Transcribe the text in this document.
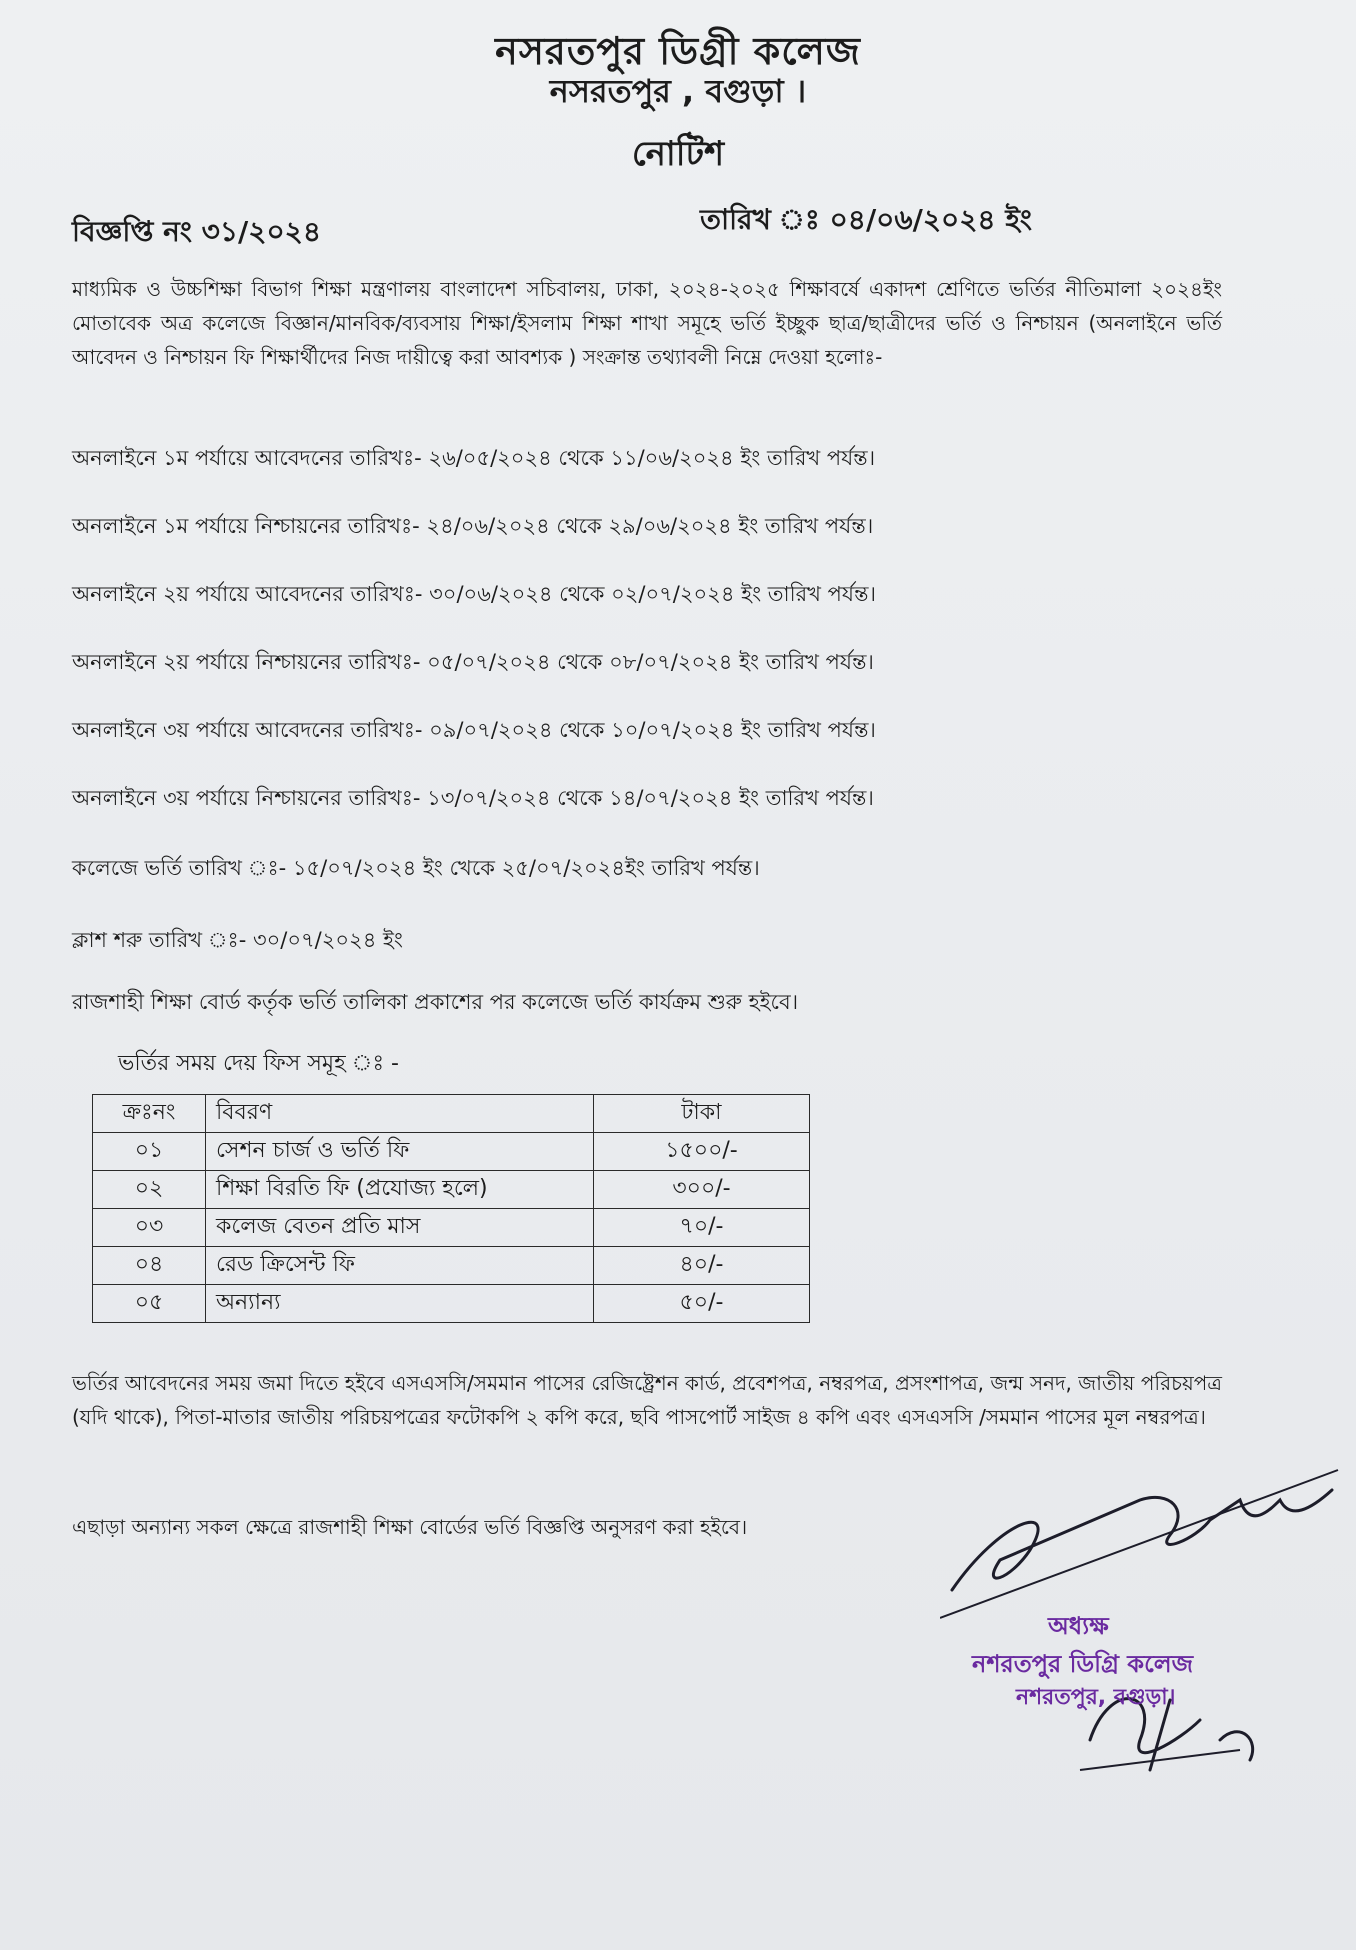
নসরতপুর ডিগ্রী কলেজ
নসরতপুর , বগুড়া ।
নোটিশ
বিজ্ঞপ্তি নং ৩১/২০২৪	তারিখ ঃ ০৪/০৬/২০২৪ ইং
মাধ্যমিক ও উচ্চশিক্ষা বিভাগ শিক্ষা মন্ত্রণালয় বাংলাদেশ সচিবালয়, ঢাকা, ২০২৪-২০২৫ শিক্ষাবর্ষে একাদশ শ্রেণিতে ভর্তির নীতিমালা ২০২৪ইং মোতাবেক অত্র কলেজে বিজ্ঞান/মানবিক/ব্যবসায় শিক্ষা/ইসলাম শিক্ষা শাখা সমূহে ভর্তি ইচ্ছুক ছাত্র/ছাত্রীদের ভর্তি ও নিশ্চায়ন (অনলাইনে ভর্তি আবেদন ও নিশ্চায়ন ফি শিক্ষার্থীদের নিজ দায়ীত্বে করা আবশ্যক ) সংক্রান্ত তথ্যাবলী নিম্নে দেওয়া হলোঃ-
অনলাইনে ১ম পর্যায়ে আবেদনের তারিখঃ- ২৬/০৫/২০২৪ থেকে ১১/০৬/২০২৪ ইং তারিখ পর্যন্ত।
অনলাইনে ১ম পর্যায়ে নিশ্চায়নের তারিখঃ- ২৪/০৬/২০২৪ থেকে ২৯/০৬/২০২৪ ইং তারিখ পর্যন্ত।
অনলাইনে ২য় পর্যায়ে আবেদনের তারিখঃ- ৩০/০৬/২০২৪ থেকে ০২/০৭/২০২৪ ইং তারিখ পর্যন্ত।
অনলাইনে ২য় পর্যায়ে নিশ্চায়নের তারিখঃ- ০৫/০৭/২০২৪ থেকে ০৮/০৭/২০২৪ ইং তারিখ পর্যন্ত।
অনলাইনে ৩য় পর্যায়ে আবেদনের তারিখঃ- ০৯/০৭/২০২৪ থেকে ১০/০৭/২০২৪ ইং তারিখ পর্যন্ত।
অনলাইনে ৩য় পর্যায়ে নিশ্চায়নের তারিখঃ- ১৩/০৭/২০২৪ থেকে ১৪/০৭/২০২৪ ইং তারিখ পর্যন্ত।
কলেজে ভর্তি তারিখ ঃ- ১৫/০৭/২০২৪ ইং খেকে ২৫/০৭/২০২৪ইং তারিখ পর্যন্ত।
ক্লাশ শরু তারিখ ঃ- ৩০/০৭/২০২৪ ইং
রাজশাহী শিক্ষা বোর্ড কর্তৃক ভর্তি তালিকা প্রকাশের পর কলেজে ভর্তি কার্যক্রম শুরু হইবে।
ভর্তির সময় দেয় ফিস সমূহ ঃ -
ক্রঃনং	বিবরণ	টাকা
০১	সেশন চার্জ ও ভর্তি ফি	১৫০০/-
০২	শিক্ষা বিরতি ফি (প্রযোজ্য হলে)	৩০০/-
০৩	কলেজ বেতন প্রতি মাস	৭০/-
০৪	রেড ক্রিসেন্ট ফি	৪০/-
০৫	অন্যান্য	৫০/-
ভর্তির আবেদনের সময় জমা দিতে হইবে এসএসসি/সমমান পাসের রেজিষ্ট্রেশন কার্ড, প্রবেশপত্র, নম্বরপত্র, প্রসংশাপত্র, জন্ম সনদ, জাতীয় পরিচয়পত্র (যদি থাকে), পিতা-মাতার জাতীয় পরিচয়পত্রের ফটোকপি ২ কপি করে, ছবি পাসপোর্ট সাইজ ৪ কপি এবং এসএসসি /সমমান পাসের মূল নম্বরপত্র।
এছাড়া অন্যান্য সকল ক্ষেত্রে রাজশাহী শিক্ষা বোর্ডের ভর্তি বিজ্ঞপ্তি অনুসরণ করা হইবে।
অধ্যক্ষ
নশরতপুর ডিগ্রি কলেজ
নশরতপুর, বগুড়া।
